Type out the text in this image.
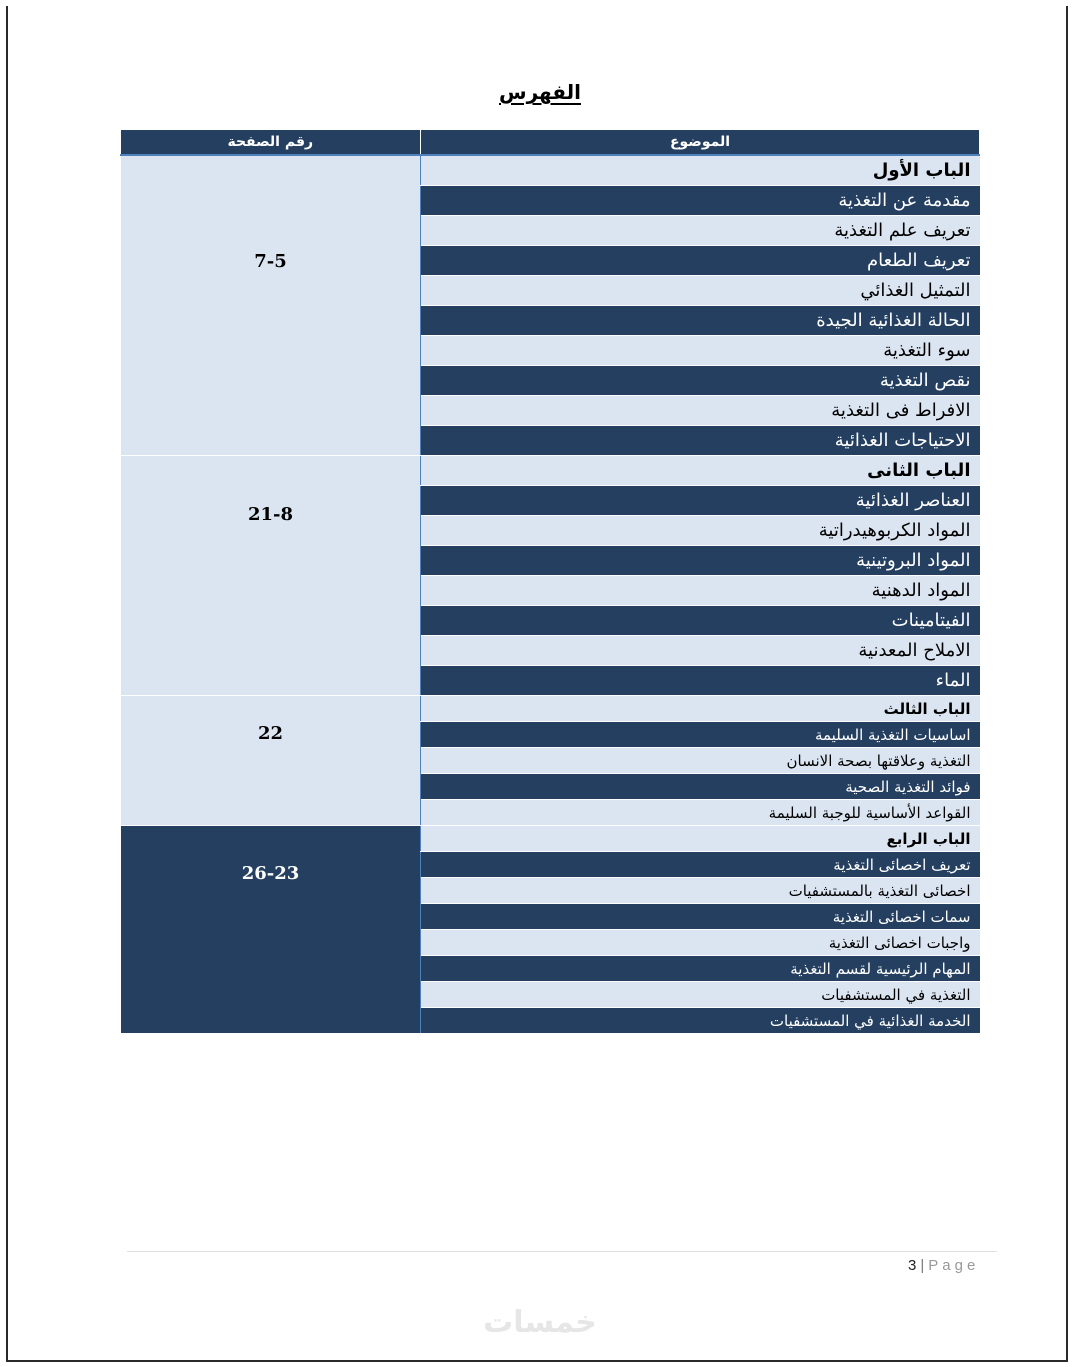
الفهرس
الموضوع	رقم الصفحة
الباب الأول	7-5

مقدمة عن التغذية	
تعريف علم التغذية	
تعريف الطعام	
التمثيل الغذائي	
الحالة الغذائية الجيدة	
سوء التغذية	
نقص التغذية	
الافراط فى التغذية	
الاحتياجات الغذائية	
الباب الثانى	21-8

العناصر الغذائية	
المواد الكربوهيدراتية	
المواد البروتينية	
المواد الدهنية	
الفيتامينات	
الاملاح المعدنية	
الماء	
الباب الثالث	22

اساسيات التغذية السليمة	
التغذية وعلاقتها بصحة الانسان	
فوائد التغذية الصحية	
القواعد الأساسية للوجبة السليمة	
الباب الرابع	26-23

تعريف اخصائى التغذية	
اخصائى التغذية بالمستشفيات	
سمات اخصائى التغذية	
واجبات اخصائى التغذية	
المهام الرئيسية لقسم التغذية	
التغذية في المستشفيات	
الخدمة الغذائية في المستشفيات	
3 | Page
خمسات
